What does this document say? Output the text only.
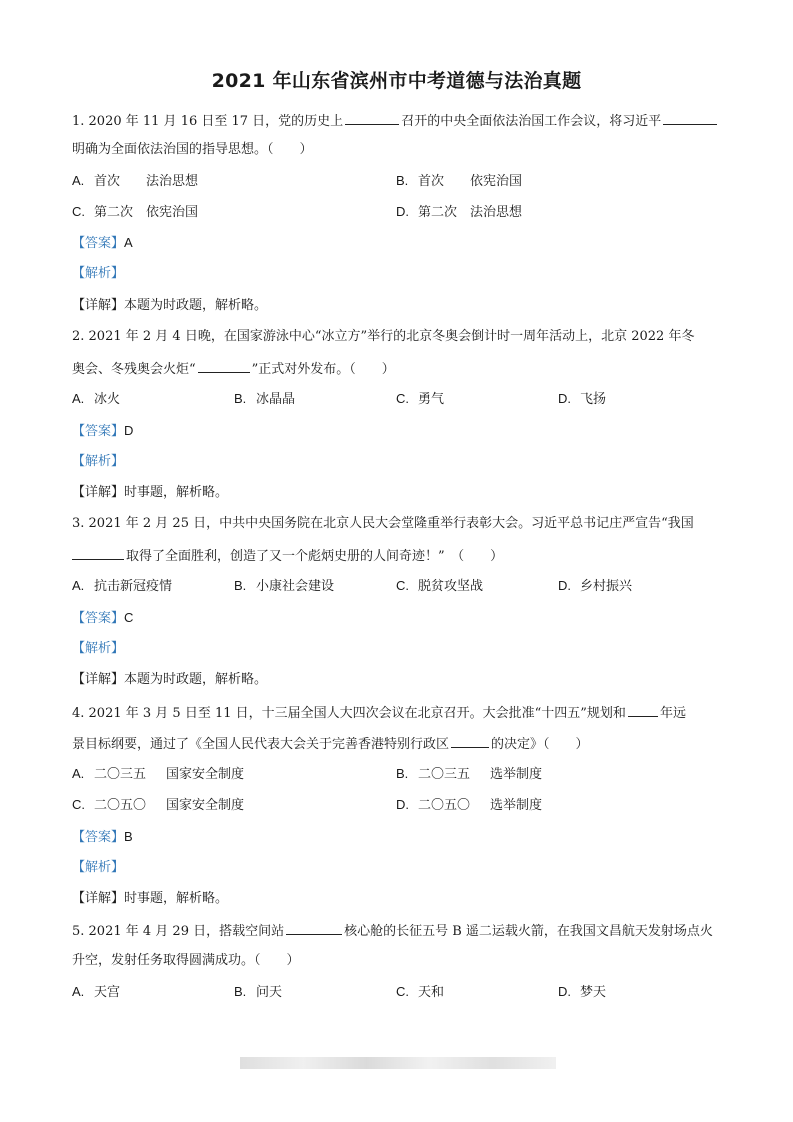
2021 年山东省滨州市中考道德与法治真题
1. 2020 年 11 月 16 日至 17 日，党的历史上	召开的中央全面依法治国工作会议，将习近平
明确为全面依法治国的指导思想。（　　）
A. 首次 法治思想	B. 首次 依宪治国
C. 第二次 依宪治国	D. 第二次 法治思想
【答案】A
【解析】
【详解】本题为时政题，解析略。
2. 2021 年 2 月 4 日晚，在国家游泳中心“冰立方”举行的北京冬奥会倒计时一周年活动上，北京 2022 年冬
奥会、冬残奥会火炬“	”正式对外发布。（　　）
A. 冰火	B. 冰晶晶	C. 勇气	D. 飞扬
【答案】D
【解析】
【详解】时事题，解析略。
3. 2021 年 2 月 25 日，中共中央国务院在北京人民大会堂隆重举行表彰大会。习近平总书记庄严宣告“我国
取得了全面胜利，创造了又一个彪炳史册的人间奇迹！”　（　　）
A. 抗击新冠疫情	B. 小康社会建设	C. 脱贫攻坚战	D. 乡村振兴
【答案】C
【解析】
【详解】本题为时政题，解析略。
4. 2021 年 3 月 5 日至 11 日，十三届全国人大四次会议在北京召开。大会批准“十四五”规划和	年远
景目标纲要，通过了《全国人民代表大会关于完善香港特别行政区	的决定》（　　）
A. 二〇三五 国家安全制度	B. 二〇三五 选举制度
C. 二〇五〇 国家安全制度	D. 二〇五〇 选举制度
【答案】B
【解析】
【详解】时事题，解析略。
5. 2021 年 4 月 29 日，搭载空间站	核心舱的长征五号 B 遥二运载火箭，在我国文昌航天发射场点火
升空，发射任务取得圆满成功。（　　）
A. 天宫	B. 问天	C. 天和	D. 梦天
